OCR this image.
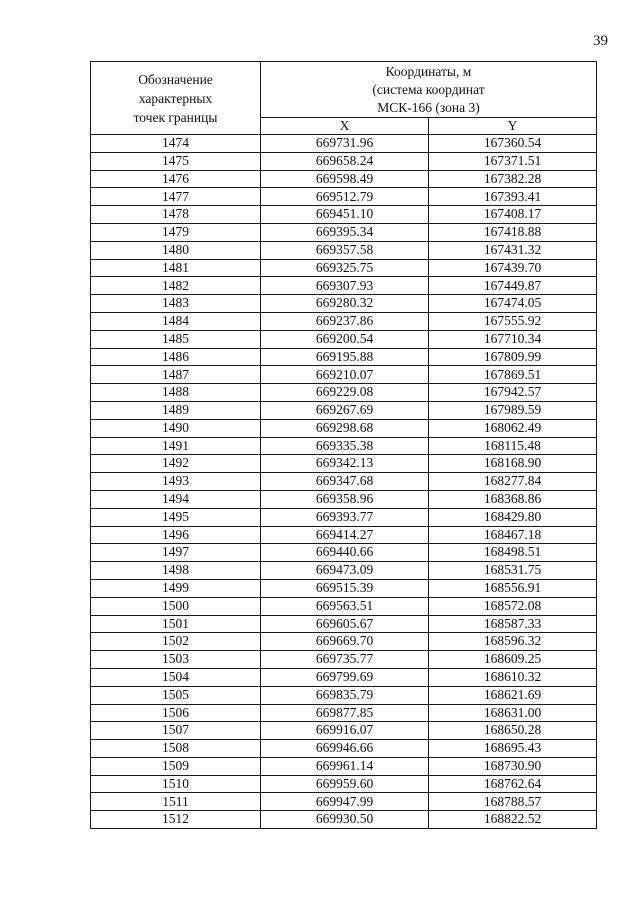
39
Обозначение
характерных
точек границы	Координаты, м
(система координат
МСК-166 (зона 3)	

	X	Y
1474	669731.96	167360.54
1475	669658.24	167371.51
1476	669598.49	167382.28
1477	669512.79	167393.41
1478	669451.10	167408.17
1479	669395.34	167418.88
1480	669357.58	167431.32
1481	669325.75	167439.70
1482	669307.93	167449.87
1483	669280.32	167474.05
1484	669237.86	167555.92
1485	669200.54	167710.34
1486	669195.88	167809.99
1487	669210.07	167869.51
1488	669229.08	167942.57
1489	669267.69	167989.59
1490	669298.68	168062.49
1491	669335.38	168115.48
1492	669342.13	168168.90
1493	669347.68	168277.84
1494	669358.96	168368.86
1495	669393.77	168429.80
1496	669414.27	168467.18
1497	669440.66	168498.51
1498	669473.09	168531.75
1499	669515.39	168556.91
1500	669563.51	168572.08
1501	669605.67	168587.33
1502	669669.70	168596.32
1503	669735.77	168609.25
1504	669799.69	168610.32
1505	669835.79	168621.69
1506	669877.85	168631.00
1507	669916.07	168650.28
1508	669946.66	168695.43
1509	669961.14	168730.90
1510	669959.60	168762.64
1511	669947.99	168788.57
1512	669930.50	168822.52
